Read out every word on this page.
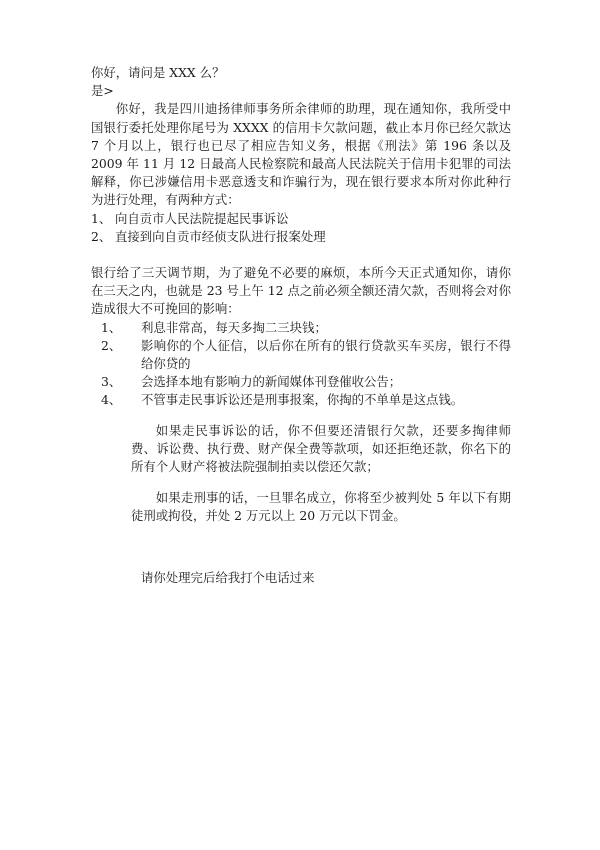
你好，请问是 XXX 么？
是>

你好，我是四川迪扬律师事务所余律师的助理，现在通知你，我所受中国银行委托处理你尾号为 XXXX 的信用卡欠款问题，截止本月你已经欠款达 7 个月以上，银行也已尽了相应告知义务，根据《刑法》第 196 条以及 2009 年 11 月 12 日最高人民检察院和最高人民法院关于信用卡犯罪的司法解释，你已涉嫌信用卡恶意透支和诈骗行为，现在银行要求本所对你此种行为进行处理，有两种方式：

1、 向自贡市人民法院提起民事诉讼
2、 直接到向自贡市经侦支队进行报案处理

银行给了三天调节期，为了避免不必要的麻烦，本所今天正式通知你，请你在三天之内，也就是 23 号上午 12 点之前必须全额还清欠款，否则将会对你造成很大不可挽回的影响：

1、 利息非常高，每天多掏二三块钱；
2、 影响你的个人征信，以后你在所有的银行贷款买车买房，银行不得给你贷的
3、 会选择本地有影响力的新闻媒体刊登催收公告；
4、 不管事走民事诉讼还是刑事报案，你掏的不单单是这点钱。

如果走民事诉讼的话，你不但要还清银行欠款，还要多掏律师费、诉讼费、执行费、财产保全费等款项，如还拒绝还款，你名下的所有个人财产将被法院强制拍卖以偿还欠款；

如果走刑事的话，一旦罪名成立，你将至少被判处 5 年以下有期徒刑或拘役，并处 2 万元以上 20 万元以下罚金。

请你处理完后给我打个电话过来
